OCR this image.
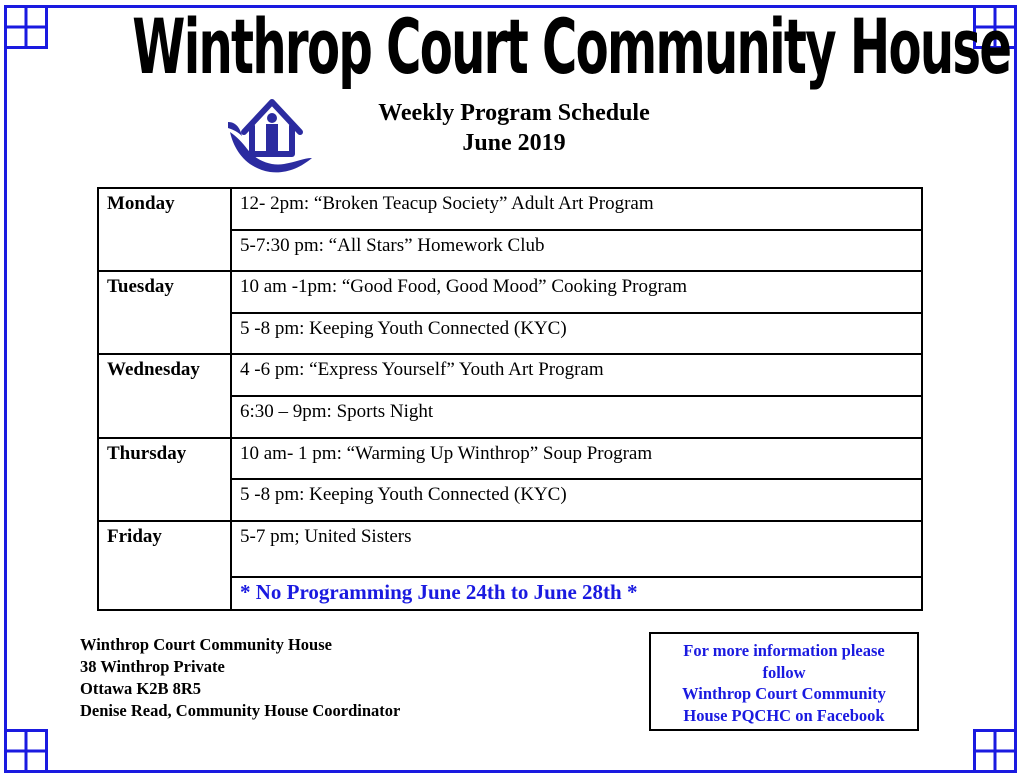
Winthrop Court Community House
Weekly Program Schedule
June 2019
Monday	12- 2pm: “Broken Teacup Society” Adult Art Program
	5-7:30 pm: “All Stars” Homework Club
Tuesday	10 am -1pm: “Good Food, Good Mood” Cooking Program
	5 -8 pm: Keeping Youth Connected (KYC)
Wednesday	4 -6 pm: “Express Yourself” Youth Art Program
	6:30 – 9pm: Sports Night
Thursday	10 am- 1 pm: “Warming Up Winthrop” Soup Program
	5 -8 pm: Keeping Youth Connected (KYC)
Friday	5-7 pm; United Sisters
	* No Programming June 24th to June 28th *
Winthrop Court Community House
38 Winthrop Private
Ottawa K2B 8R5
Denise Read, Community House Coordinator
For more information please
follow
Winthrop Court Community
House PQCHC on Facebook
